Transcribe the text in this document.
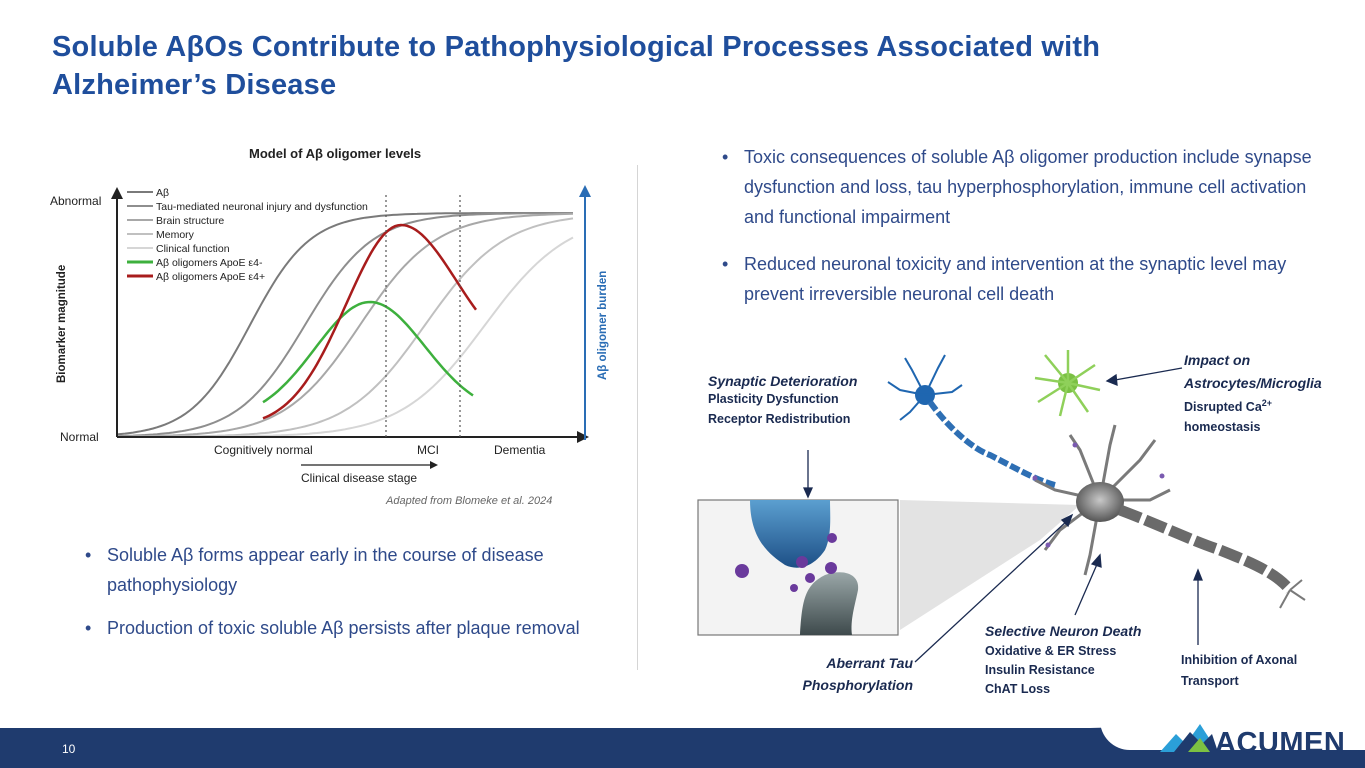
Soluble AβOs Contribute to Pathophysiological Processes Associated with Alzheimer’s Disease
Model of Aβ oligomer levels
Abnormal
Normal
Biomarker magnitude	Aβ oligomer burden
Cognitively normal	MCI	Dementia
Clinical disease stage
Aβ
Tau-mediated neuronal injury and dysfunction
Brain structure
Memory
Clinical function
Aβ oligomers ApoE ε4-
Aβ oligomers ApoE ε4+
Adapted from Blomeke et al. 2024
• Soluble Aβ forms appear early in the course of disease pathophysiology
• Production of toxic soluble Aβ persists after plaque removal
• Toxic consequences of soluble Aβ oligomer production include synapse dysfunction and loss, tau hyperphosphorylation, immune cell activation and functional impairment
• Reduced neuronal toxicity and intervention at the synaptic level may prevent irreversible neuronal cell death
Synaptic Deterioration
Plasticity Dysfunction
Receptor Redistribution
Impact on
Astrocytes/Microglia
Disrupted $Ca^{2+}$
homeostasis
Aberrant Tau
Phosphorylation
Selective Neuron Death
Oxidative & ER Stress
Insulin Resistance
ChAT Loss
Inhibition of Axonal
Transport
10	ACUMEN
